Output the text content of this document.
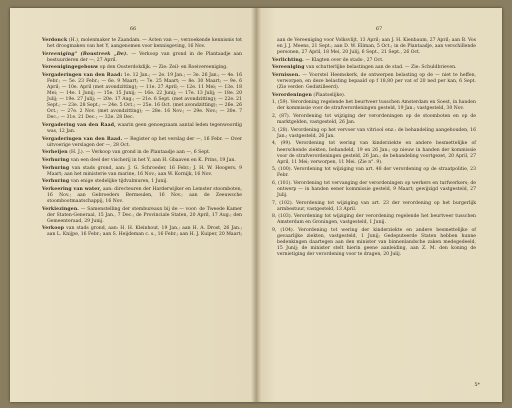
66
Verdonck (H.), molenmaker te Zaandam. — Acten van —, verzoekende kennisnis tot het droogmaken van het Y, aangenomen voor kennisgeving, 16 Nov.
Vereeniging" (Boustreek „De). — Verkoop van grond in de Plantaadje aan bestuurderen der —, 27 April.
Vereenigingegebouw op den Oosterdokdijk. — Zie: Zeil- en Roeivereeniging.
Vergaderingen van den Raad: 1e. 12 Jan.; — 2e. 19 Jan.; — 3e. 26 Jan.; — 4e. 16 Febr.; — 5e. 23 Febr.; — 6e. 9 Maart; — 7e. 25 Maart; — 8e. 30 Maart; — 9e. 6 April; — 10e. April (met avondzitting); — 11e. 27 April; — 12e. 11 Mei; — 13e. 18 Mei; — 14e. 1 Junij; — 15e. 15 Junij; — 16e. 22 Junij; — 17e. 13 Julij; — 18e. 20 Julij; — 19e. 27 Julij; — 20e. 17 Aug.; — 21e. 6 Sept. (met avondzitting); — 22e. 21 Sept.; — 23e. 28 Sept.; — 24e. 5 Oct.; — 25e. 16 Oct. (met avondzitting); — 26e. 26 Oct.; — 27e. 2 Nov. (met avondzitting); — 28e. 16 Nov.; — 29e. Nov.; — 30e. 7 Dec.; — 31e. 21 Dec.; — 32e. 28 Dec.
Vergadering van den Raad, waarin geen genoegzaam aantal leden tegenwoordig was, 12 Jan.
Vergaderingen van den Raad. — Register op het verslag der —, 16 Febr. — Over uitvoerige verslagen der —, 28 Oct.
Verheijen (H. J.). — Verkoop van grond in de Plantaadje aan —, 6 Sept.
Verhuring van een deel der vischerij in het Y, aan H. Gbaaven en K. Prins, 19 Jan.
Verhuring van stads grond, aan: J. G. Schroeder, 16 Febr.; J. H. W. Hoogers, 9 Maart; aan het ministerie van marine, 16 Nov.; aan W. Kornijk, 16 Nov.
Verhuring van enige stedelijke tijdvalmuren, 1 Junij.
Verkeering van water, aan: directeuren der Harderwijker en Lemster stoomboten, 16 Nov.; aan Gebroeders Bermeulen, 16 Nov.; aan de Zeeuwsche stoombootmaatschappij, 16 Nov.
Verkiezingen. — Samenstelling der stembureaux bij de — voor: de Tweede Kamer der Staten-Generaal, 15 Jan., 7 Dec.; de Provinciale Staten, 20 April, 17 Aug.; den Gemeenteraad, 29 Junij.
Verkoop van stads grond, aan: H. H. Kleinhout, 19 Jan.; aan H. A. Drost, 26 Jan.; aan L. Knijpe, 16 Febr.; aan S. Heijdeman c. s., 16 Febr.; aan H. J. Kuiper, 20 Maart;
67
aan de Vereeniging voor Volksvlijt, 13 April; aan J. H. Kienbaum, 27 April; aan B. Vos en J. J. Meens, 21 Sept.; aan D. W. Eliman, 5 Oct.; in de Plantaadje, aan verschillende personen, 27 April, 18 Mei, 20 Julij, 6 Sept., 21 Sept., 26 Oct.
Verlichting. — Klagten over de stads-, 27 Oct.
Vereeniging van schutterlijke belastingen aan de stad. — Zie: Schuldbrieven.
Vernissen. — Voorstel Heemskerk, de ontwerpen belasting op de — niet te heffen, verworpen, en deze belasting bepaald op f 18,80 per vat of 20 ned per kan, 6 Sept. (Zie verder: Gedistilleerd).
Verordeningen (Plaatselijke).
1, (59). Verordening regelende het beurtveer tusschen Amsterdam en Soest, in handen der kommissie voor de strafverordeningen gesteld, 19 Jan.; vastgesteld, 30 Nov.
2, (87). Verordening tot wijziging der verordeningen op de stoomboten en op de marktgelden, vastgesteld, 26 Jan.
3, (28). Verordening op het vervoer van vitriool enz.: de behandeling aangehouden, 16 Jan.; vastgesteld, 26 Jan.
4, (99). Verordening tot wering van kinderziekte en andere besmettelijke of heerschende ziekten, behandeld, 19 en 26 Jan.; op nieuw in handen der kommissie voor de strafverordeningen gesteld, 26 Jan.; de behandeling voortgezet, 20 April, 27 April, 11 Mei; verworpen, 11 Mei. (Zie n°. 9).
5, (100). Verordening tot wijziging van art. 48 der verordening op de straatpolitie, 23 Febr.
6, (101). Verordening tot vervanging der verordeningen op werkers en turfwerkers; de ontwerp — in handen eener kommissie gesteld, 9 Maart; gewijzigd vastgesteld, 27 Julij.
7, (102). Verordening tot wijziging van art. 23 der verordening op het burgerlijk armbestuur, vastgesteld, 13 April.
8, (103). Verordening tot wijziging der verordening regelende het beurtveer tusschen Amsterdam en Groningen, vastgesteld, 1 Junij.
9, (104). Verordening tot wering der kinderziekte en andere besmettelijke of gevaarlijke ziekten, vastgesteld, 1 Junij; Gedeputeerde Staten hebben hunne bedenkingen daartegen aan den minister van binnenlandsche zaken medegedeeld, 15 Junij; de minister stelt hierin geene aanleiding, aan Z. M. den koning de vernietiging der verordening voor te dragen, 20 Julij.
5*
